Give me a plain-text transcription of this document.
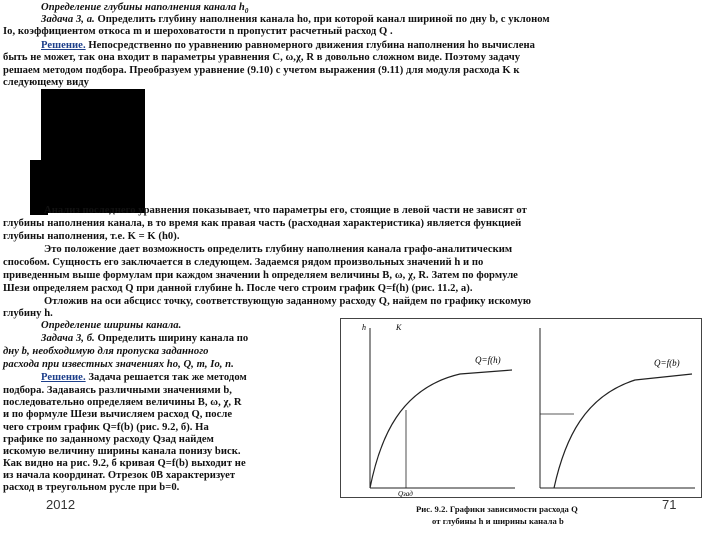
Определение глубины наполнения канала $h_0$
Задача 3, а. Определить глубину наполнения канала ho, при которой канал шириной по дну b, с уклоном
Io, коэффициентом откоса m и шероховатости n пропустит расчетный расход Q .
Решение. Непосредственно по уравнению равномерного движения глубина наполнения ho вычислена
быть не может, так она входит в параметры уравнения C, ω,χ, R в довольно сложном виде. Поэтому задачу
решаем методом подбора. Преобразуем уравнение (9.10) с учетом выражения (9.11) для модуля расхода K к
следующему виду
Анализ последнего уравнения показывает, что параметры его, стоящие в левой части не зависят от
глубины наполнения канала, в то время как правая часть (расходная характеристика) является функцией
глубины наполнения, т.е. K = K (h0).
Это положение дает возможность определить глубину наполнения канала графо-аналитическим
способом. Сущность его заключается в следующем. Задаемся рядом произвольных значений h и по
приведенным выше формулам при каждом значении h определяем величины B, ω, χ, R. Затем по формуле
Шези определяем расход Q при данной глубине h. После чего строим график Q=f(h) (рис. 11.2, а).
Отложив на оси абсцисс точку, соответствующую заданному расходу Q, найдем по графику искомую
глубину h.
Определение ширины канала.
Задача 3, б. Определить ширину канала по
дну b, необходимую для пропуска заданного
расхода при известных значениях ho, Q, m, Io, n.
Решение. Задача решается так же методом
подбора. Задаваясь различными значениями b,
последовательно определяем величины B, ω, χ, R
и по формуле Шези вычисляем расход Q, после
чего строим график Q=f(b) (рис. 9.2, б). На
графике по заданному расходу Qзад найдем
искомую величину ширины канала понизу bиск.
Как видно на рис. 9.2, б кривая Q=f(b) выходит не
из начала координат. Отрезок 0B характеризует
расход в треугольном русле при b=0.
Q=f(h)
h	K
Qзад
Q=f(b)
Рис. 9.2. Графики зависимости расхода Q
от глубины h и ширины канала b
2012	71
